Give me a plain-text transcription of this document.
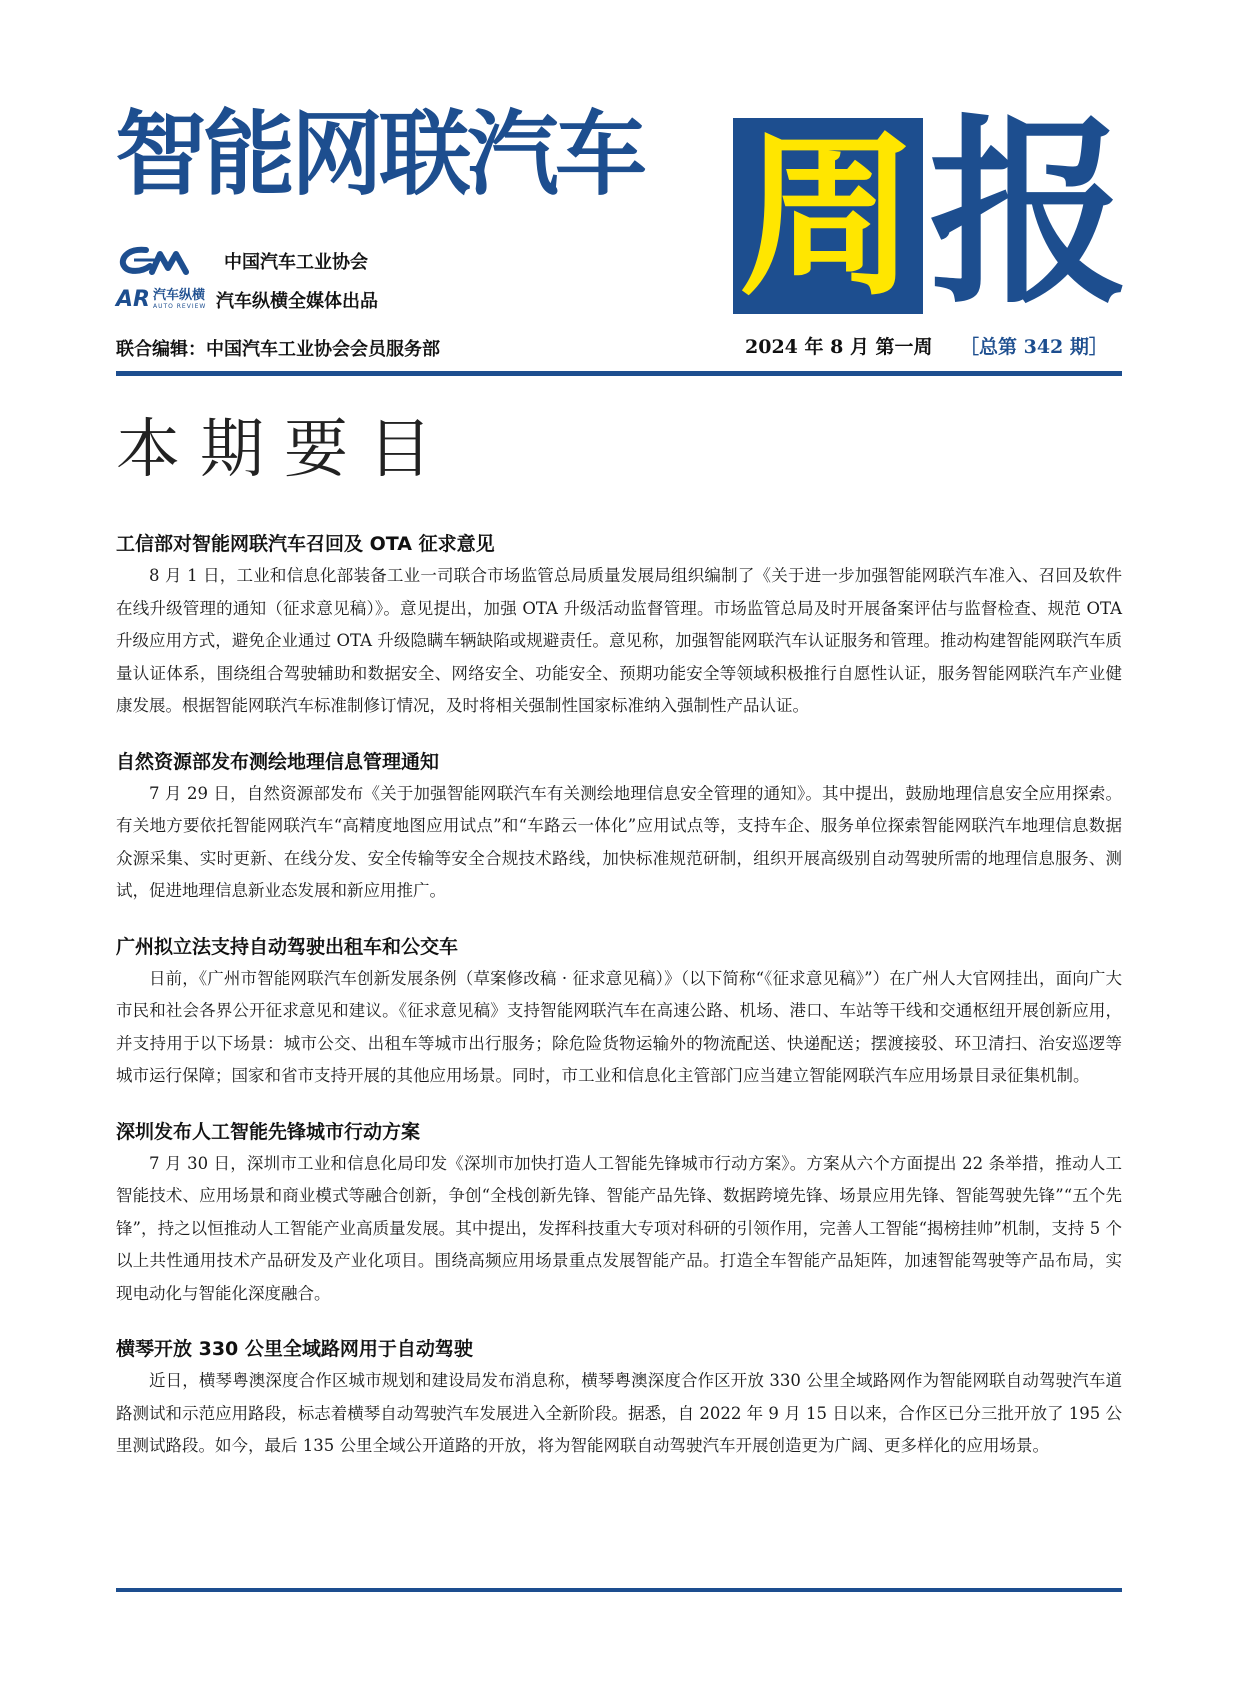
智能网联汽车 周 报
中国汽车工业协会
AR 汽车纵横
AUTO REVIEW 汽车纵横全媒体出品
联合编辑：中国汽车工业协会会员服务部	2024 年 8 月 第一周 ［总第 342 期］
本期要目
工信部对智能网联汽车召回及 OTA 征求意见

8 月 1 日，工业和信息化部装备工业一司联合市场监管总局质量发展局组织编制了《关于进一步加强智能网联汽车准入、召回及软件在线升级管理的通知（征求意见稿）》。意见提出，加强 OTA 升级活动监督管理。市场监管总局及时开展备案评估与监督检查、规范 OTA 升级应用方式，避免企业通过 OTA 升级隐瞒车辆缺陷或规避责任。意见称，加强智能网联汽车认证服务和管理。推动构建智能网联汽车质量认证体系，围绕组合驾驶辅助和数据安全、网络安全、功能安全、预期功能安全等领域积极推行自愿性认证，服务智能网联汽车产业健康发展。根据智能网联汽车标准制修订情况，及时将相关强制性国家标准纳入强制性产品认证。

自然资源部发布测绘地理信息管理通知

7 月 29 日，自然资源部发布《关于加强智能网联汽车有关测绘地理信息安全管理的通知》。其中提出，鼓励地理信息安全应用探索。有关地方要依托智能网联汽车“高精度地图应用试点”和“车路云一体化”应用试点等，支持车企、服务单位探索智能网联汽车地理信息数据众源采集、实时更新、在线分发、安全传输等安全合规技术路线，加快标准规范研制，组织开展高级别自动驾驶所需的地理信息服务、测试，促进地理信息新业态发展和新应用推广。

广州拟立法支持自动驾驶出租车和公交车

日前，《广州市智能网联汽车创新发展条例（草案修改稿 · 征求意见稿）》（以下简称“《征求意见稿》”）在广州人大官网挂出，面向广大市民和社会各界公开征求意见和建议。《征求意见稿》支持智能网联汽车在高速公路、机场、港口、车站等干线和交通枢纽开展创新应用，并支持用于以下场景：城市公交、出租车等城市出行服务；除危险货物运输外的物流配送、快递配送；摆渡接驳、环卫清扫、治安巡逻等城市运行保障；国家和省市支持开展的其他应用场景。同时，市工业和信息化主管部门应当建立智能网联汽车应用场景目录征集机制。

深圳发布人工智能先锋城市行动方案

7 月 30 日，深圳市工业和信息化局印发《深圳市加快打造人工智能先锋城市行动方案》。方案从六个方面提出 22 条举措，推动人工智能技术、应用场景和商业模式等融合创新，争创“全栈创新先锋、智能产品先锋、数据跨境先锋、场景应用先锋、智能驾驶先锋”“五个先锋”，持之以恒推动人工智能产业高质量发展。其中提出，发挥科技重大专项对科研的引领作用，完善人工智能“揭榜挂帅”机制，支持 5 个以上共性通用技术产品研发及产业化项目。围绕高频应用场景重点发展智能产品。打造全车智能产品矩阵，加速智能驾驶等产品布局，实现电动化与智能化深度融合。

横琴开放 330 公里全域路网用于自动驾驶

近日，横琴粤澳深度合作区城市规划和建设局发布消息称，横琴粤澳深度合作区开放 330 公里全域路网作为智能网联自动驾驶汽车道路测试和示范应用路段，标志着横琴自动驾驶汽车发展进入全新阶段。据悉，自 2022 年 9 月 15 日以来，合作区已分三批开放了 195 公里测试路段。如今，最后 135 公里全域公开道路的开放，将为智能网联自动驾驶汽车开展创造更为广阔、更多样化的应用场景。
